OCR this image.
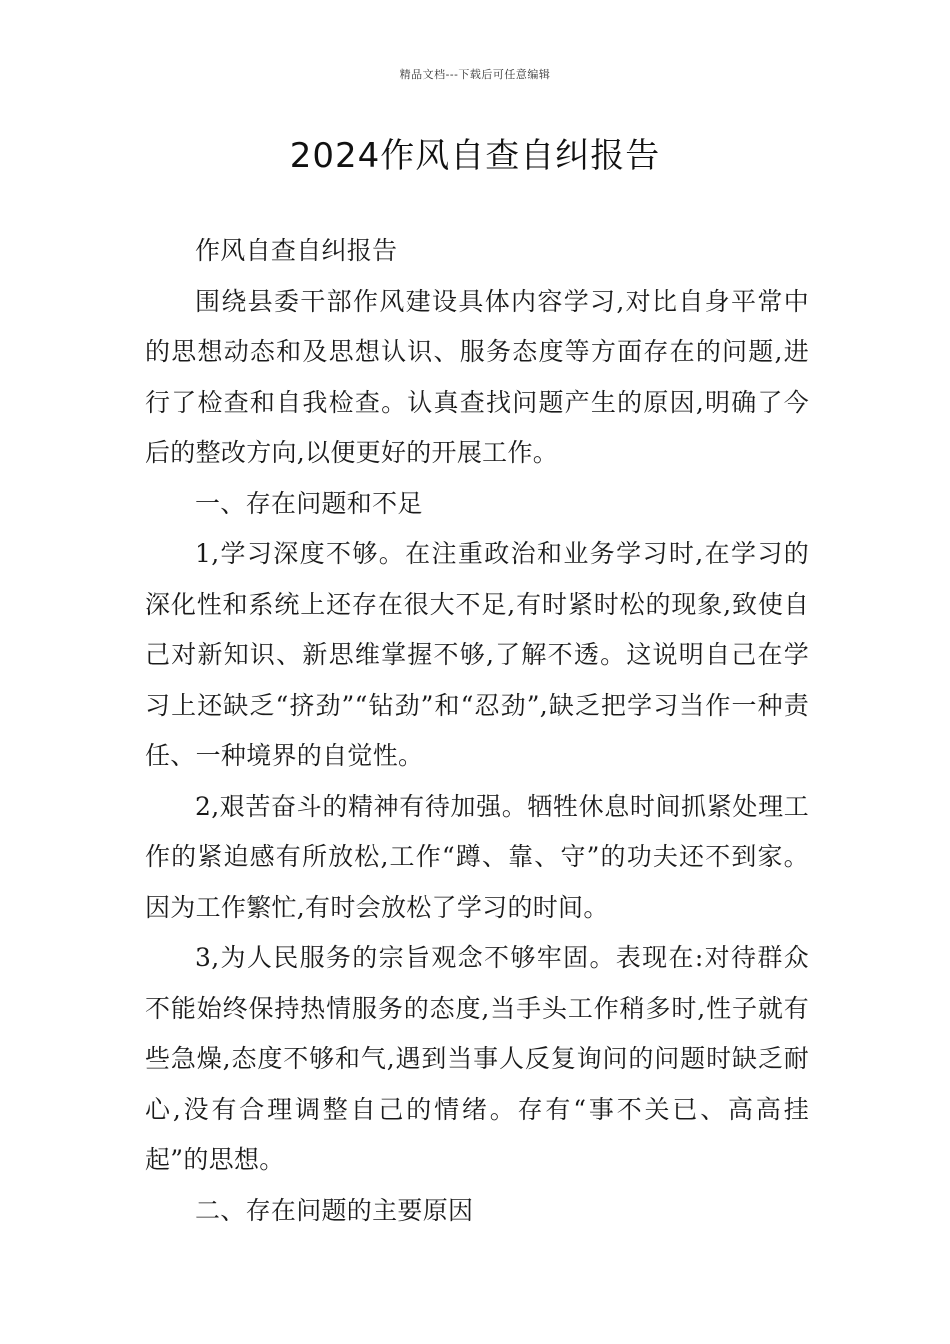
精品文档---下载后可任意编辑
2024作风自查自纠报告

作风自查自纠报告

围绕县委干部作风建设具体内容学习,对比自身平常中的思想动态和及思想认识、服务态度等方面存在的问题,进行了检查和自我检查。认真查找问题产生的原因,明确了今后的整改方向,以便更好的开展工作。

一、存在问题和不足

1,学习深度不够。在注重政治和业务学习时,在学习的深化性和系统上还存在很大不足,有时紧时松的现象,致使自己对新知识、新思维掌握不够,了解不透。这说明自己在学习上还缺乏“挤劲”“钻劲”和“忍劲”,缺乏把学习当作一种责任、一种境界的自觉性。

2,艰苦奋斗的精神有待加强。牺牲休息时间抓紧处理工作的紧迫感有所放松,工作“蹲、靠、守”的功夫还不到家。因为工作繁忙,有时会放松了学习的时间。

3,为人民服务的宗旨观念不够牢固。表现在:对待群众不能始终保持热情服务的态度,当手头工作稍多时,性子就有些急燥,态度不够和气,遇到当事人反复询问的问题时缺乏耐心,没有合理调整自己的情绪。存有“事不关已、高高挂起”的思想。

二、存在问题的主要原因
